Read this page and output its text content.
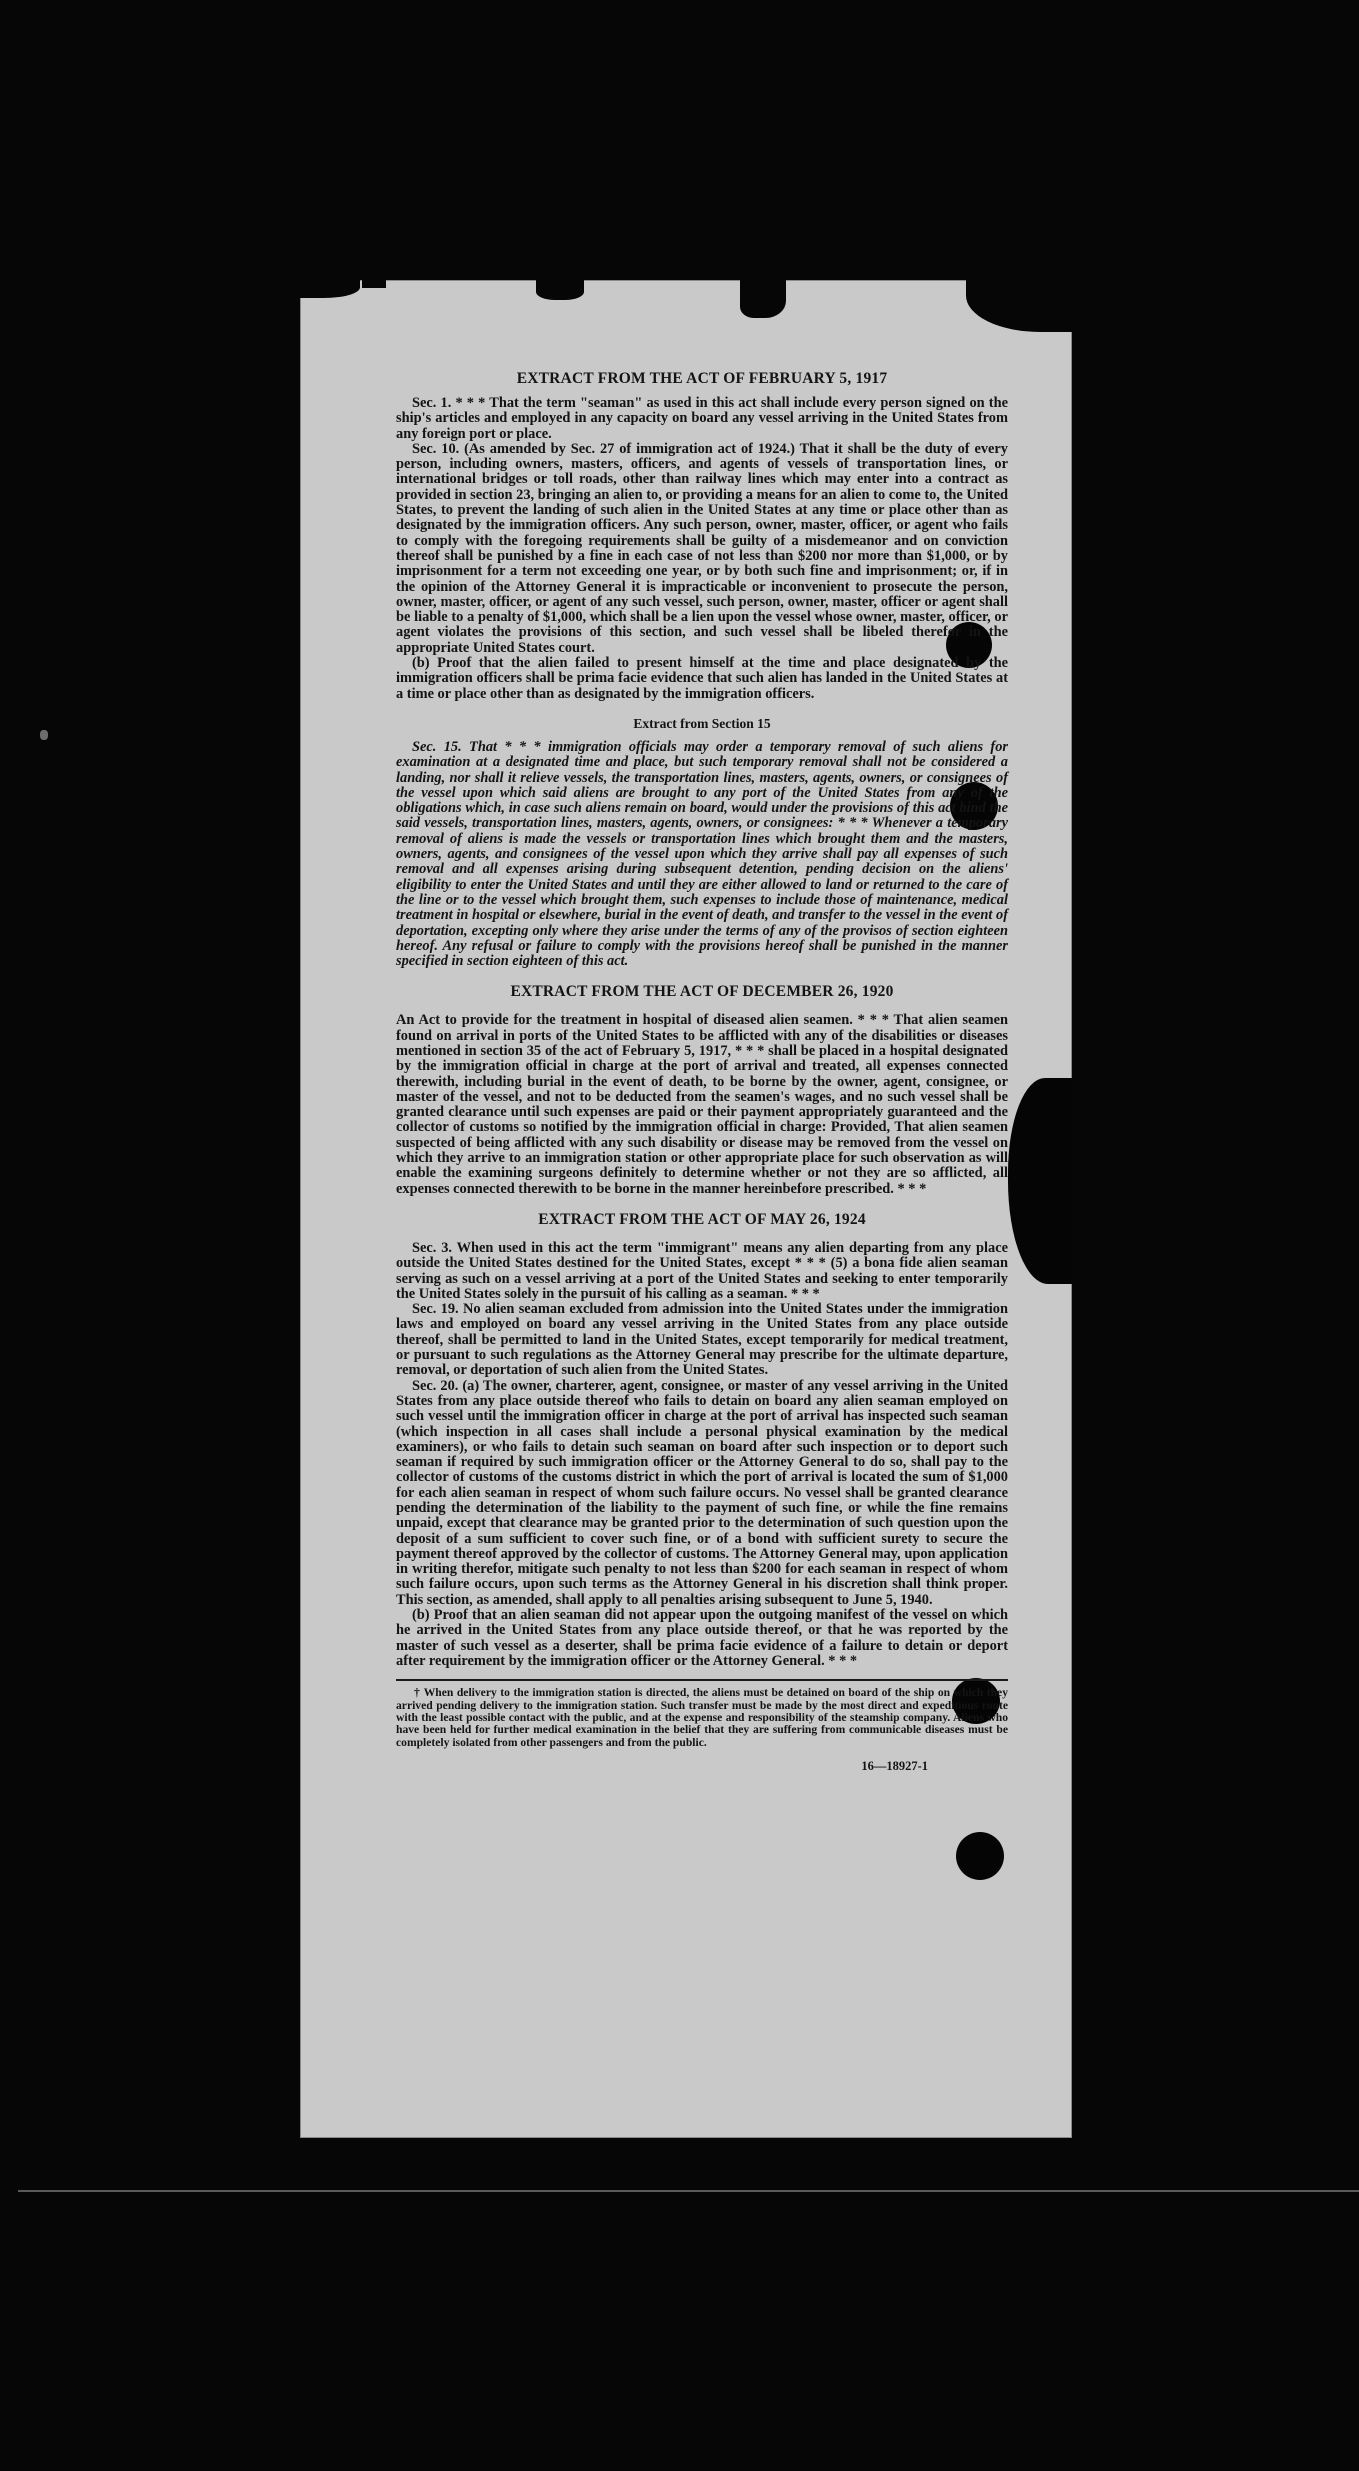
EXTRACT FROM THE ACT OF FEBRUARY 5, 1917

Sec. 1. * * * That the term "seaman" as used in this act shall include every person signed on the ship's articles and employed in any capacity on board any vessel arriving in the United States from any foreign port or place.

Sec. 10. (As amended by Sec. 27 of immigration act of 1924.) That it shall be the duty of every person, including owners, masters, officers, and agents of vessels of transportation lines, or international bridges or toll roads, other than railway lines which may enter into a contract as provided in section 23, bringing an alien to, or providing a means for an alien to come to, the United States, to prevent the landing of such alien in the United States at any time or place other than as designated by the immigration officers. Any such person, owner, master, officer, or agent who fails to comply with the foregoing requirements shall be guilty of a misdemeanor and on conviction thereof shall be punished by a fine in each case of not less than $200 nor more than $1,000, or by imprisonment for a term not exceeding one year, or by both such fine and imprisonment; or, if in the opinion of the Attorney General it is impracticable or inconvenient to prosecute the person, owner, master, officer, or agent of any such vessel, such person, owner, master, officer or agent shall be liable to a penalty of $1,000, which shall be a lien upon the vessel whose owner, master, officer, or agent violates the provisions of this section, and such vessel shall be libeled therefor in the appropriate United States court.

(b) Proof that the alien failed to present himself at the time and place designated by the immigration officers shall be prima facie evidence that such alien has landed in the United States at a time or place other than as designated by the immigration officers.

Extract from Section 15

Sec. 15. That * * * immigration officials may order a temporary removal of such aliens for examination at a designated time and place, but such temporary removal shall not be considered a landing, nor shall it relieve vessels, the transportation lines, masters, agents, owners, or consignees of the vessel upon which said aliens are brought to any port of the United States from any of the obligations which, in case such aliens remain on board, would under the provisions of this act bind the said vessels, transportation lines, masters, agents, owners, or consignees: * * * Whenever a temporary removal of aliens is made the vessels or transportation lines which brought them and the masters, owners, agents, and consignees of the vessel upon which they arrive shall pay all expenses of such removal and all expenses arising during subsequent detention, pending decision on the aliens' eligibility to enter the United States and until they are either allowed to land or returned to the care of the line or to the vessel which brought them, such expenses to include those of maintenance, medical treatment in hospital or elsewhere, burial in the event of death, and transfer to the vessel in the event of deportation, excepting only where they arise under the terms of any of the provisos of section eighteen hereof. Any refusal or failure to comply with the provisions hereof shall be punished in the manner specified in section eighteen of this act.

EXTRACT FROM THE ACT OF DECEMBER 26, 1920

An Act to provide for the treatment in hospital of diseased alien seamen. * * * That alien seamen found on arrival in ports of the United States to be afflicted with any of the disabilities or diseases mentioned in section 35 of the act of February 5, 1917, * * * shall be placed in a hospital designated by the immigration official in charge at the port of arrival and treated, all expenses connected therewith, including burial in the event of death, to be borne by the owner, agent, consignee, or master of the vessel, and not to be deducted from the seamen's wages, and no such vessel shall be granted clearance until such expenses are paid or their payment appropriately guaranteed and the collector of customs so notified by the immigration official in charge: Provided, That alien seamen suspected of being afflicted with any such disability or disease may be removed from the vessel on which they arrive to an immigration station or other appropriate place for such observation as will enable the examining surgeons definitely to determine whether or not they are so afflicted, all expenses connected therewith to be borne in the manner hereinbefore prescribed. * * *

EXTRACT FROM THE ACT OF MAY 26, 1924

Sec. 3. When used in this act the term "immigrant" means any alien departing from any place outside the United States destined for the United States, except * * * (5) a bona fide alien seaman serving as such on a vessel arriving at a port of the United States and seeking to enter temporarily the United States solely in the pursuit of his calling as a seaman. * * *

Sec. 19. No alien seaman excluded from admission into the United States under the immigration laws and employed on board any vessel arriving in the United States from any place outside thereof, shall be permitted to land in the United States, except temporarily for medical treatment, or pursuant to such regulations as the Attorney General may prescribe for the ultimate departure, removal, or deportation of such alien from the United States.

Sec. 20. (a) The owner, charterer, agent, consignee, or master of any vessel arriving in the United States from any place outside thereof who fails to detain on board any alien seaman employed on such vessel until the immigration officer in charge at the port of arrival has inspected such seaman (which inspection in all cases shall include a personal physical examination by the medical examiners), or who fails to detain such seaman on board after such inspection or to deport such seaman if required by such immigration officer or the Attorney General to do so, shall pay to the collector of customs of the customs district in which the port of arrival is located the sum of $1,000 for each alien seaman in respect of whom such failure occurs. No vessel shall be granted clearance pending the determination of the liability to the payment of such fine, or while the fine remains unpaid, except that clearance may be granted prior to the determination of such question upon the deposit of a sum sufficient to cover such fine, or of a bond with sufficient surety to secure the payment thereof approved by the collector of customs. The Attorney General may, upon application in writing therefor, mitigate such penalty to not less than $200 for each seaman in respect of whom such failure occurs, upon such terms as the Attorney General in his discretion shall think proper. This section, as amended, shall apply to all penalties arising subsequent to June 5, 1940.

(b) Proof that an alien seaman did not appear upon the outgoing manifest of the vessel on which he arrived in the United States from any place outside thereof, or that he was reported by the master of such vessel as a deserter, shall be prima facie evidence of a failure to detain or deport after requirement by the immigration officer or the Attorney General. * * *

† When delivery to the immigration station is directed, the aliens must be detained on board of the ship on which they arrived pending delivery to the immigration station. Such transfer must be made by the most direct and expeditious route with the least possible contact with the public, and at the expense and responsibility of the steamship company. Aliens who have been held for further medical examination in the belief that they are suffering from communicable diseases must be completely isolated from other passengers and from the public.

16—18927-1
